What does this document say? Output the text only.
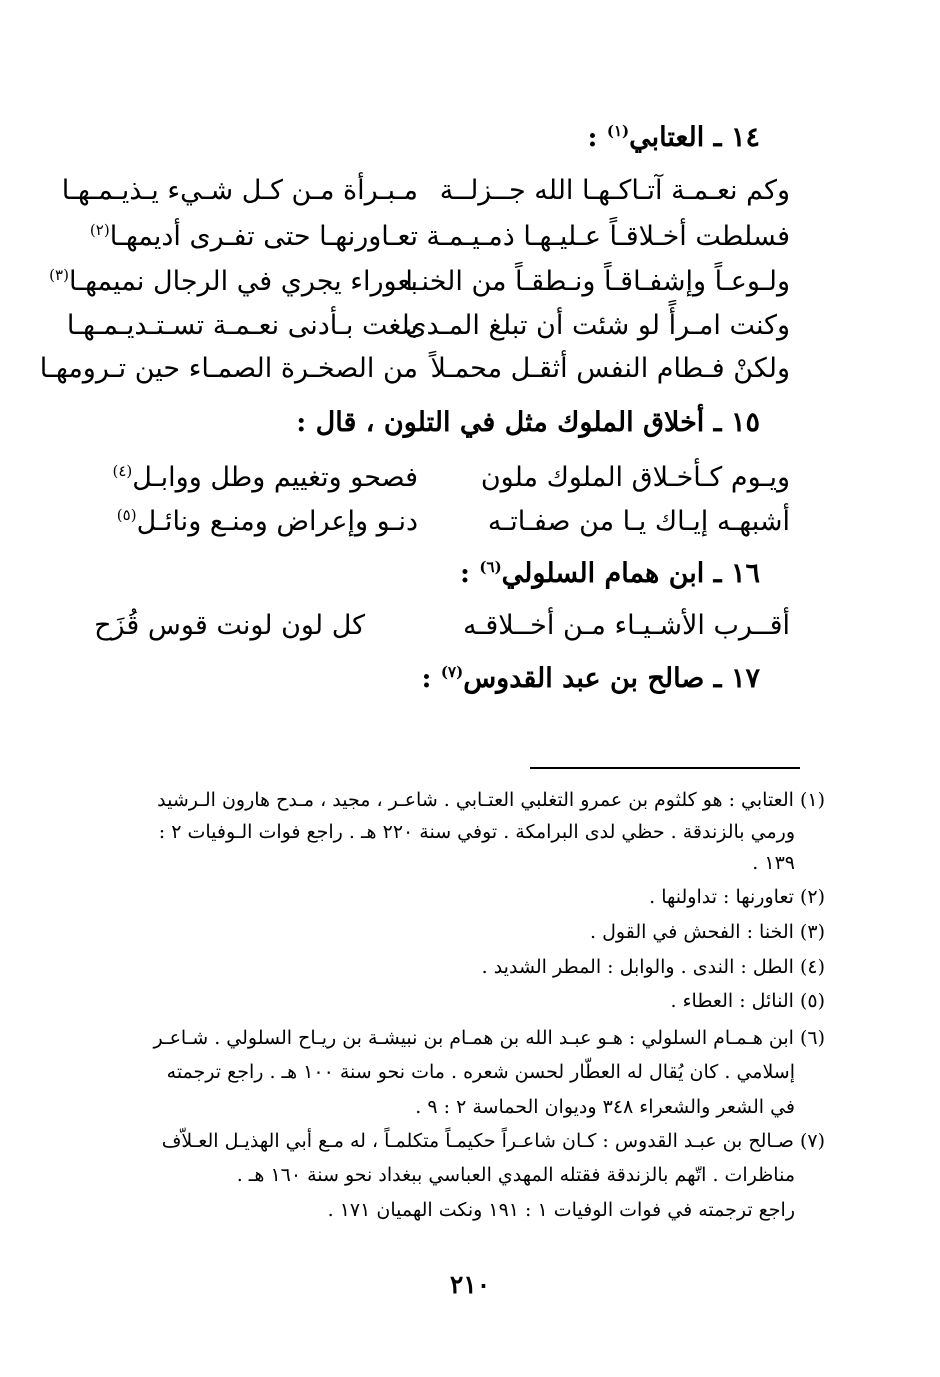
١٤ ـ العتابي$^{(١)}$ :
وكم نعـمـة آتـاكـهـا الله جــزلــة
مـبـرأة مـن كـل شـيء يـذيـمـهـا
فسلطت أخـلاقـاً عـليـهـا ذمـيـمـة
تعـاورنهـا حتى تفـرى أديمهـا$^{(٢)}$
ولـوعـاً وإشفـاقـاً ونـطقـاً من الخنـا
بعوراء يجري في الرجال نميمهـا$^{(٣)}$
وكنت امـرأً لو شئت أن تبلغ المـدى
بلغت بـأدنى نعـمـة تسـتـديـمـهـا
ولكنْ فـطام النفس أثقـل محمـلاً
من الصخـرة الصمـاء حين تـرومهـا
١٥ ـ أخلاق الملوك مثل في التلون ، قال :
ويـوم كـأخـلاق الملوك ملون
فصحو وتغييم وطل ووابـل$^{(٤)}$
أشبهـه إيـاك يـا من صفـاتـه
دنـو وإعراض ومنـع ونائـل$^{(٥)}$
١٦ ـ ابن همام السلولي$^{(٦)}$ :
أقــرب الأشـيـاء مـن أخــلاقـه
كل لون لونت قوس قُزَح
١٧ ـ صالح بن عبد القدوس$^{(٧)}$ :
(١) العتابي : هو كلثوم بن عمرو التغلبي العتـابي . شاعـر ، مجيد ، مـدح هارون الـرشيد
ورمي بالزندقة . حظي لدى البرامكة . توفي سنة ٢٢٠ هـ . راجع فوات الـوفيات ٢ :
١٣٩ .
(٢) تعاورنها : تداولنها .
(٣) الخنا : الفحش في القول .
(٤) الطل : الندى . والوابل : المطر الشديد .
(٥) النائل : العطاء .
(٦) ابن هـمـام السلولي : هـو عبـد الله بن همـام بن نبيشـة بن ريـاح السلولي . شـاعـر
إسلامي . كان يُقال له العطّار لحسن شعره . مات نحو سنة ١٠٠ هـ . راجع ترجمته
في الشعر والشعراء ٣٤٨ وديوان الحماسة ٢ : ٩ .
(٧) صـالح بن عبـد القدوس : كـان شاعـراً حكيمـاً متكلمـاً ، له مـع أبي الهذيـل العـلاّف
مناظرات . اتّهم بالزندقة فقتله المهدي العباسي ببغداد نحو سنة ١٦٠ هـ .
راجع ترجمته في فوات الوفيات ١ : ١٩١ ونكت الهميان ١٧١ .
٢١٠
